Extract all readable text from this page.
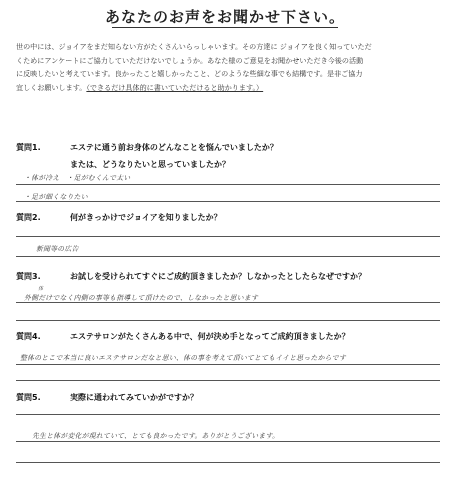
あなたのお声をお聞かせ下さい。
世の中には、ジョイアをまだ知らない方がたくさんいらっしゃいます。その方達に ジョイアを良く知っていただ
くためにアンケートにご協力していただけないでしょうか。あなた様のご意見をお聞かせいただき今後の活動
に反映したいと考えています。良かったこと嬉しかったこと、どのような些細な事でも結構です。是非ご協力
宜しくお願いします。（できるだけ具体的に書いていただけると助かります。）
質問1.	エステに通う前お身体のどんなことを悩んでいましたか？
または、どうなりたいと思っていましたか？
・体が冷え　・足がむくんで太い
・足が細くなりたい
質問2.	何がきっかけでジョイアを知りましたか？
新聞等の広告
質問3.	お試しを受けられてすぐにご成約頂きましたか？しなかったとしたらなぜですか？
体
外側だけでなく内側の事等も指導して頂けたので、しなかったと思います
質問4.	エステサロンがたくさんある中で、何が決め手となってご成約頂きましたか？
整体のとこで本当に良いエステサロンだなと思い、体の事を考えて頂いてとてもイイと思ったからです
質問5.	実際に通われてみていかがですか？
先生と体が変化が現れていて、とても良かったです。ありがとうございます。
